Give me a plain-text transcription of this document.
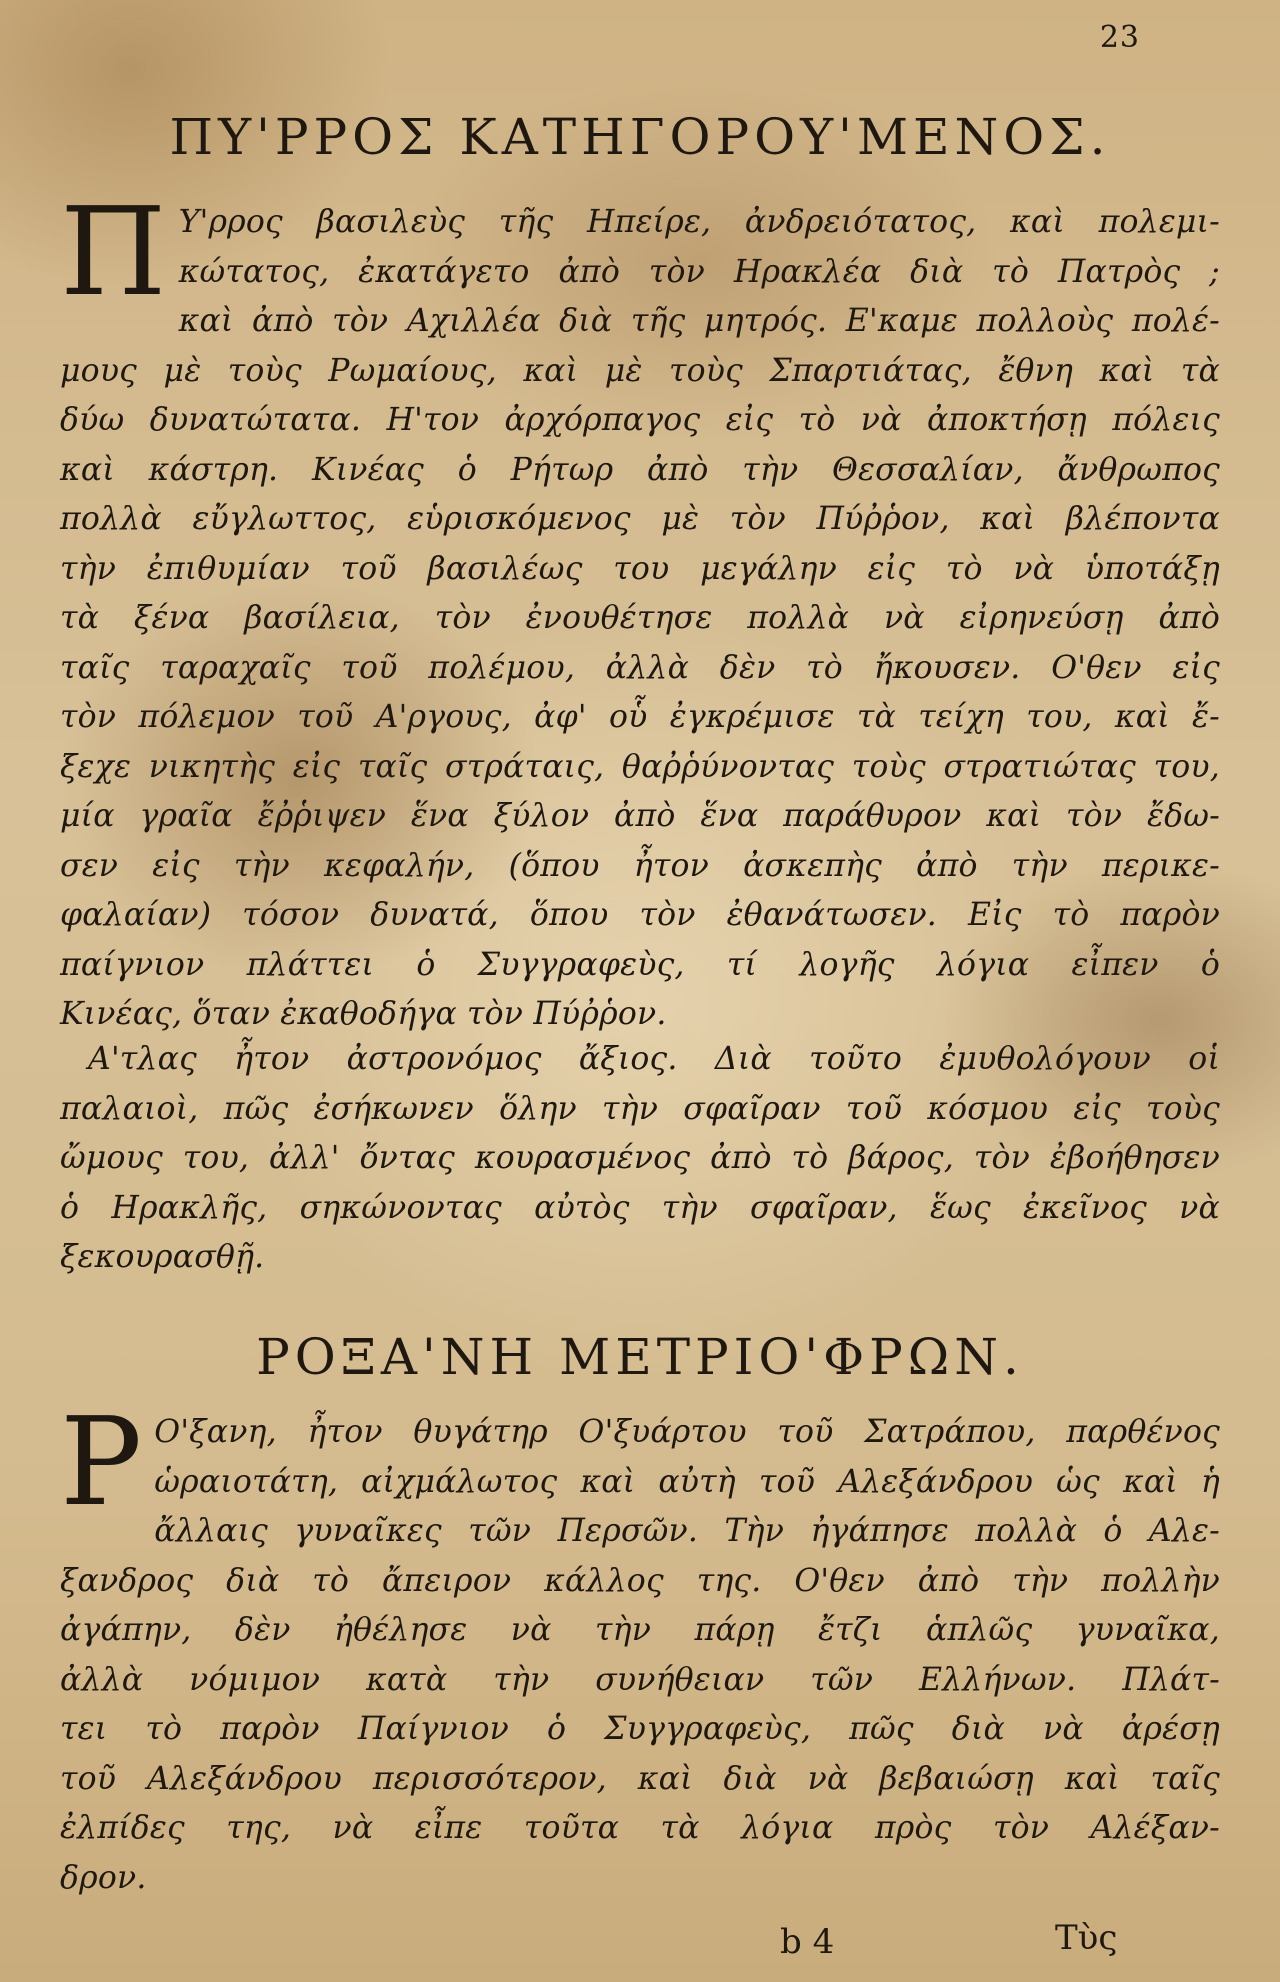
23
ΠΥ'ΡΡΟΣ ΚΑΤΗΓΟΡΟΥ'ΜΕΝΟΣ.
Π Υ'ρρος βασιλεὺς τῆς Ηπείρε, ἀνδρειότατος, καὶ πολεμι-
κώτατος, ἐκατάγετο ἀπὸ τὸν Ηρακλέα διὰ τὸ Πατρὸς ;
καὶ ἀπὸ τὸν Αχιλλέα διὰ τῆς μητρός. Ε'καμε πολλοὺς πολέ-
μους μὲ τοὺς Ρωμαίους, καὶ μὲ τοὺς Σπαρτιάτας, ἔθνη καὶ τὰ
δύω δυνατώτατα. Η'τον ἀρχόρπαγος εἰς τὸ νὰ ἀποκτήσῃ πόλεις
καὶ κάστρη. Κινέας ὁ Ρήτωρ ἀπὸ τὴν Θεσσαλίαν, ἄνθρωπος
πολλὰ εὔγλωττος, εὑρισκόμενος μὲ τὸν Πύῤῥον, καὶ βλέποντα
τὴν ἐπιθυμίαν τοῦ βασιλέως του μεγάλην εἰς τὸ νὰ ὑποτάξῃ
τὰ ξένα βασίλεια, τὸν ἐνουθέτησε πολλὰ νὰ εἰρηνεύσῃ ἀπὸ
ταῖς ταραχαῖς τοῦ πολέμου, ἀλλὰ δὲν τὸ ἤκουσεν. Ο'θεν εἰς
τὸν πόλεμον τοῦ Α'ργους, ἀφ' οὗ ἐγκρέμισε τὰ τείχη του, καὶ ἔ-
ξεχε νικητὴς εἰς ταῖς στράταις, θαῤῥύνοντας τοὺς στρατιώτας του,
μία γραῖα ἔῤῥιψεν ἕνα ξύλον ἀπὸ ἕνα παράθυρον καὶ τὸν ἔδω-
σεν εἰς τὴν κεφαλήν, (ὅπου ἦτον ἀσκεπὴς ἀπὸ τὴν περικε-
φαλαίαν) τόσον δυνατά, ὅπου τὸν ἐθανάτωσεν. Εἰς τὸ παρὸν
παίγνιον πλάττει ὁ Συγγραφεὺς, τί λογῆς λόγια εἶπεν ὁ
Κινέας, ὅταν ἐκαθοδήγα τὸν Πύῤῥον.
Α'τλας ἦτον ἀστρονόμος ἄξιος. Διὰ τοῦτο ἐμυθολόγουν οἱ
παλαιοὶ, πῶς ἐσήκωνεν ὅλην τὴν σφαῖραν τοῦ κόσμου εἰς τοὺς
ὤμους του, ἀλλ' ὄντας κουρασμένος ἀπὸ τὸ βάρος, τὸν ἐβοήθησεν
ὁ Ηρακλῆς, σηκώνοντας αὐτὸς τὴν σφαῖραν, ἕως ἐκεῖνος νὰ
ξεκουρασθῇ.
ΡΟΞΑ'ΝΗ ΜΕΤΡΙΟ'ΦΡΩΝ.
Ρ Ο'ξανη, ἦτον θυγάτηρ Ο'ξυάρτου τοῦ Σατράπου, παρθένος
ὡραιοτάτη, αἰχμάλωτος καὶ αὐτὴ τοῦ Αλεξάνδρου ὡς καὶ ἡ
ἄλλαις γυναῖκες τῶν Περσῶν. Τὴν ἠγάπησε πολλὰ ὁ Αλε-
ξανδρος διὰ τὸ ἄπειρον κάλλος της. Ο'θεν ἀπὸ τὴν πολλὴν
ἀγάπην, δὲν ἠθέλησε νὰ τὴν πάρῃ ἔτζι ἁπλῶς γυναῖκα,
ἀλλὰ νόμιμον κατὰ τὴν συνήθειαν τῶν Ελλήνων. Πλάτ-
τει τὸ παρὸν Παίγνιον ὁ Συγγραφεὺς, πῶς διὰ νὰ ἀρέσῃ
τοῦ Αλεξάνδρου περισσότερον, καὶ διὰ νὰ βεβαιώσῃ καὶ ταῖς
ἐλπίδες της, νὰ εἶπε τοῦτα τὰ λόγια πρὸς τὸν Αλέξαν-
δρον.
b 4	Τὺς
